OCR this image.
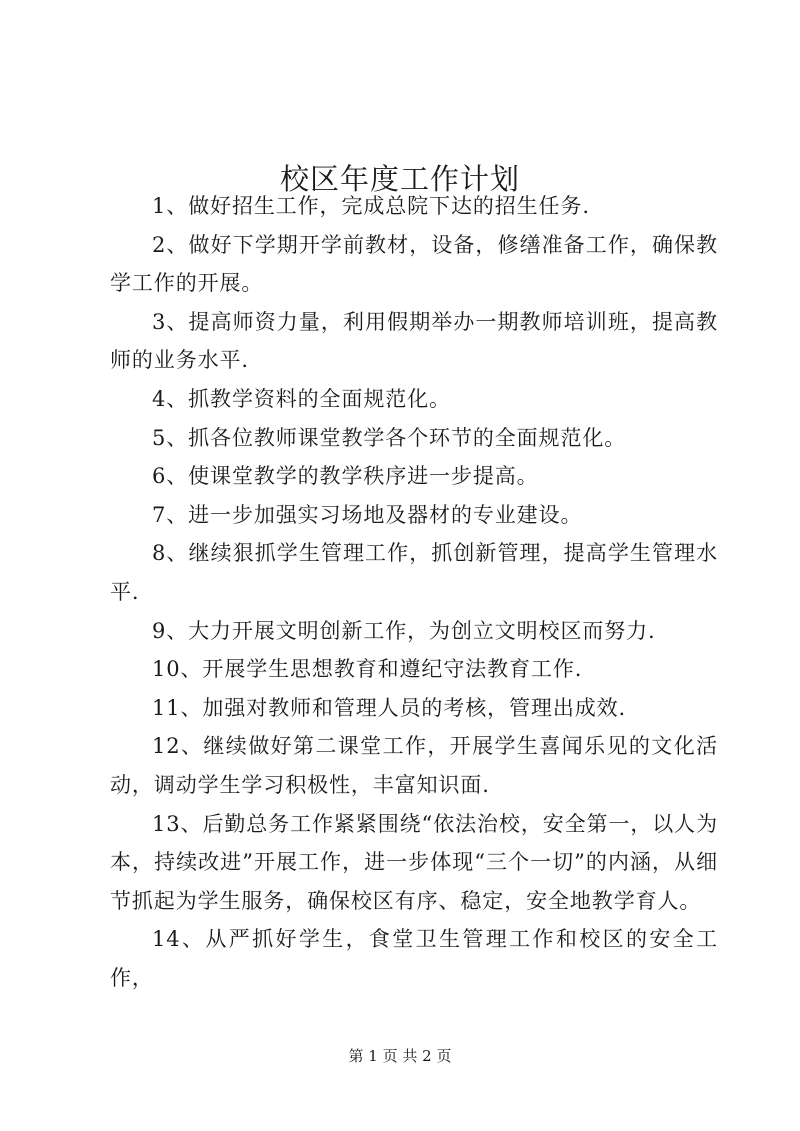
校区年度工作计划

1、做好招生工作，完成总院下达的招生任务.

2、做好下学期开学前教材，设备，修缮准备工作，确保教学工作的开展。

3、提高师资力量，利用假期举办一期教师培训班，提高教师的业务水平.

4、抓教学资料的全面规范化。

5、抓各位教师课堂教学各个环节的全面规范化。

6、使课堂教学的教学秩序进一步提高。

7、进一步加强实习场地及器材的专业建设。

8、继续狠抓学生管理工作，抓创新管理，提高学生管理水平.

9、大力开展文明创新工作，为创立文明校区而努力.

10、开展学生思想教育和遵纪守法教育工作.

11、加强对教师和管理人员的考核，管理出成效.

12、继续做好第二课堂工作，开展学生喜闻乐见的文化活动，调动学生学习积极性，丰富知识面.

13、后勤总务工作紧紧围绕“依法治校，安全第一，以人为本，持续改进”开展工作，进一步体现“三个一切”的内涵，从细节抓起为学生服务，确保校区有序、稳定，安全地教学育人。

14、从严抓好学生，食堂卫生管理工作和校区的安全工作，

第 1 页 共 2 页
